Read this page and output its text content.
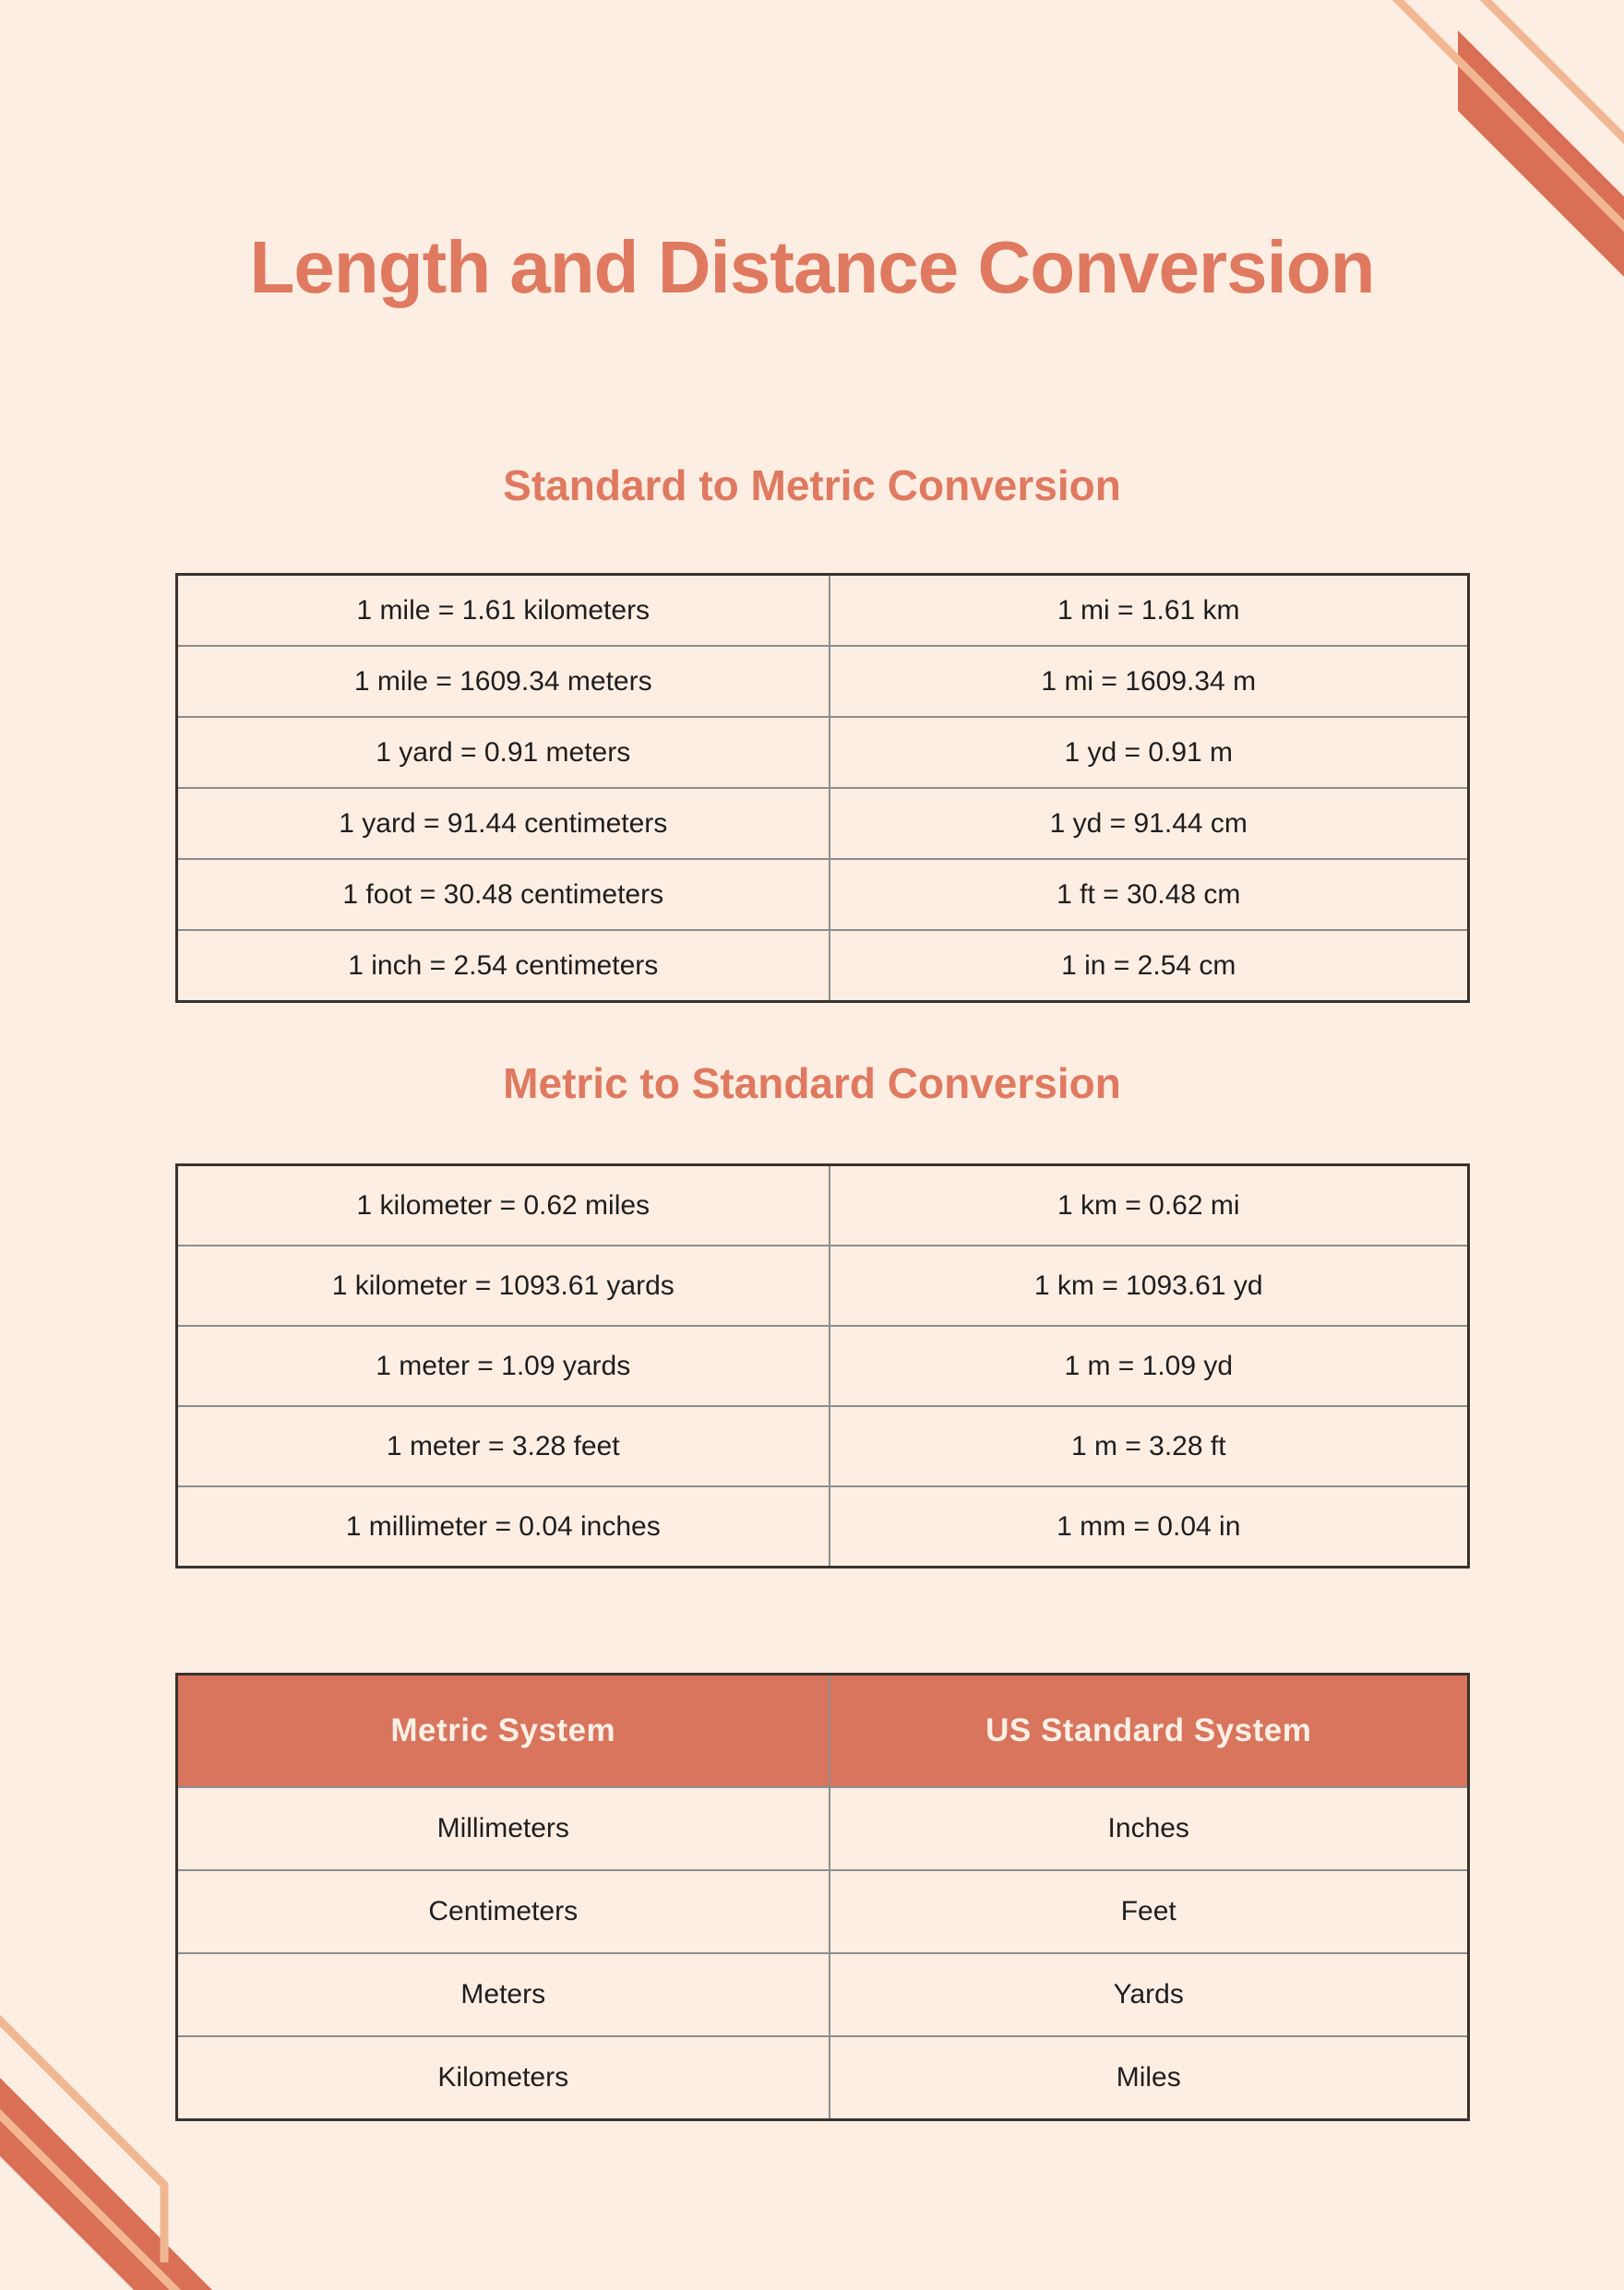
Length and Distance Conversion
Standard to Metric Conversion
1 mile = 1.61 kilometers	1 mi = 1.61 km
1 mile = 1609.34 meters	1 mi = 1609.34 m
1 yard = 0.91 meters	1 yd = 0.91 m
1 yard = 91.44 centimeters	1 yd = 91.44 cm
1 foot = 30.48 centimeters	1 ft = 30.48 cm
1 inch = 2.54 centimeters	1 in = 2.54 cm
Metric to Standard Conversion
1 kilometer = 0.62 miles	1 km = 0.62 mi
1 kilometer = 1093.61 yards	1 km = 1093.61 yd
1 meter = 1.09 yards	1 m = 1.09 yd
1 meter = 3.28 feet	1 m = 3.28 ft
1 millimeter = 0.04 inches	1 mm = 0.04 in
Metric System	US Standard System
Millimeters	Inches
Centimeters	Feet
Meters	Yards
Kilometers	Miles
